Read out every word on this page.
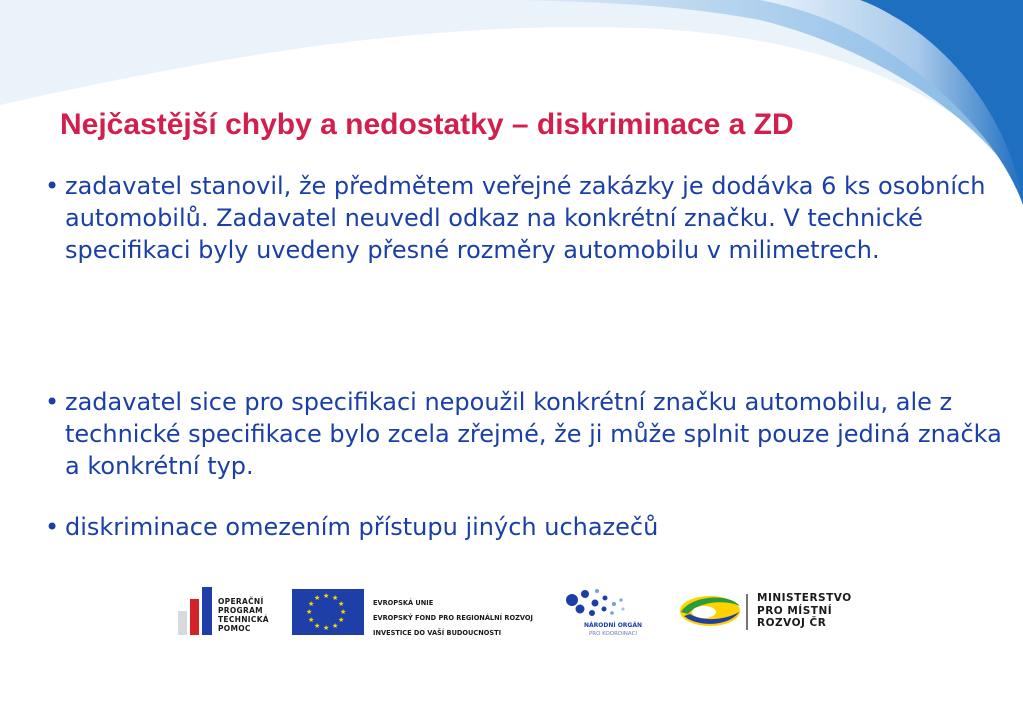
Nejčastější chyby a nedostatky – diskriminace a ZD
• zadavatel stanovil, že předmětem veřejné zakázky je dodávka 6 ks osobních automobilů. Zadavatel neuvedl odkaz na konkrétní značku. V technické specifikaci byly uvedeny přesné rozměry automobilu v milimetrech.
• zadavatel sice pro specifikaci nepoužil konkrétní značku automobilu, ale z technické specifikace bylo zcela zřejmé, že ji může splnit pouze jediná značka a konkrétní typ.
• diskriminace omezením přístupu jiných uchazečů
★ ★
★
★
★
★
★
★
★
★
★
★
OPERAČNÍ
PROGRAM
TECHNICKÁ
POMOC
EVROPSKÁ UNIE
EVROPSKÝ FOND PRO REGIONÁLNÍ ROZVOJ
INVESTICE DO VAŠÍ BUDOUCNOSTI
NÁRODNÍ ORGÁN
PRO KOORDINACI
MINISTERSTVO
PRO MÍSTNÍ
ROZVOJ ČR
